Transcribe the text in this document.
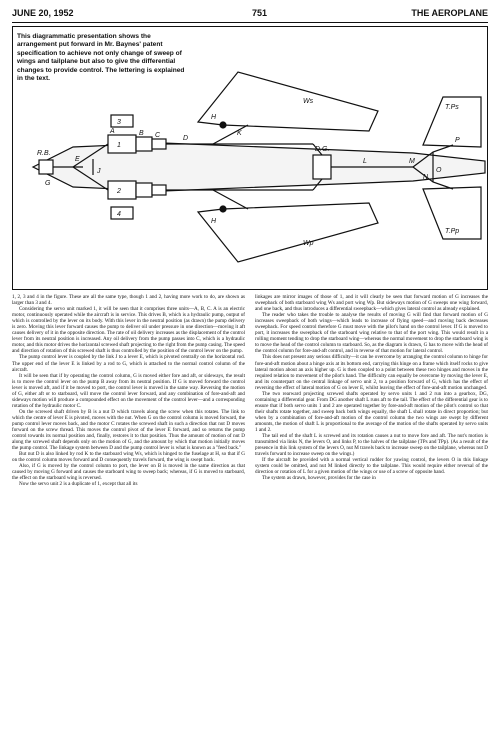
JUNE 20, 1952	751	THE AEROPLANE
Ws
Wp
T.Ps
T.Pp
H
H
K
J
R.B.
E
G
D.G.
L	M
N
O
P
3
1
2
4
A	B C	D
This diagrammatic presentation shows the arrangement put forward in Mr. Baynes' patent specification to achieve not only change of sweep of wings and tailplane but also to give the differential changes to provide control. The lettering is explained in the text.

1, 2, 3 and 4 in the figure. These are all the same type, though 1 and 2, having more work to do, are shown as larger than 3 and 4.

Considering the servo unit marked 1, it will be seen that it comprises three units—A, B, C. A is an electric motor, continuously operated while the aircraft is in service. This drives B, which is a hydraulic pump, output of which is controlled by the lever on its body. With this lever in the neutral position (as drawn) the pump delivery is zero. Moving this lever forward causes the pump to deliver oil under pressure in one direction—moving it aft causes delivery of it in the opposite direction. The rate of oil delivery increases as the displacement of the control lever from its neutral position is increased. Any oil delivery from the pump passes into C, which is a hydraulic motor, and this motor drives the horizontal screwed shaft projecting to the right from the pump casing. The speed and direction of rotation of this screwed shaft is thus controlled by the position of the control lever on the pump.

The pump control lever is coupled by the link J to a lever E, which is pivoted centrally on the horizontal rod. The upper end of the lever E is linked by a rod to G, which is attached to the normal control column of the aircraft.

It will be seen that if by operating the control column, G is moved either fore and aft, or sideways, the result is to move the control lever on the pump B away from its neutral position. If G is moved forward the control lever is moved aft, and if it be moved to port, the control lever is moved in the same way. Reversing the motion of G, either aft or to starboard, will move the control lever forward, and any combination of fore-and-aft and sideways motion will produce a compounded effect on the movement of the control lever—and a corresponding rotation of the hydraulic motor C.

On the screwed shaft driven by B is a nut D which travels along the screw when this rotates. The link to which the centre of lever E is pivoted, moves with the nut. When G on the control column is moved forward, the pump control lever moves back, and the motor C rotates the screwed shaft in such a direction that nut D moves forward on the screw thread. This moves the control pivot of the lever E forward, and so returns the pump control towards its normal position and, finally, restores it to that position. Thus the amount of motion of nut D along the screwed shaft depends only on the motion of G, and the amount by which that motion initially moves the pump control. The linkage system between D and the pump control lever is what is known as a "feed back."

But nut D is also linked by rod K to the starboard wing Ws, which is hinged to the fuselage at H, so that if G on the control column moves forward and D consequently travels forward, the wing is swept back.

Also, if G is moved by the control column to port, the lever on B is moved in the same direction as that caused by moving G forward and causes the starboard wing to sweep back; whereas, if G is moved to starboard, the effect on the starboard wing is reversed.

Now the servo unit 2 is a duplicate of 1, except that all its

linkages are mirror images of those of 1, and it will clearly be seen that forward motion of G increases the sweepback of both starboard wing Ws and port wing Wp. But sideways motion of G sweeps one wing forward, and one back, and thus introduces a differential sweepback—which gives lateral control as already explained.

The reader who takes the trouble to analyse the results of moving G will find that forward motion of G increases sweepback of both wings—which leads to increase of flying speed—and moving back decreases sweepback. For speed control therefore G must move with the pilot's hand on the control lever. If G is moved to port, it increases the sweepback of the starboard wing relative to that of the port wing. This would result in a rolling moment tending to drop the starboard wing—whereas the normal movement to drop the starboard wing is to move the head of the control column to starboard. So, as the diagram is drawn, G has to move with the head of the control column for fore-and-aft control, and in reverse of that motion for lateral control.

This does not present any serious difficulty—it can be overcome by arranging the control column to hinge for fore-and-aft motion about a hinge axis at its bottom end, carrying this hinge on a frame which itself rocks to give lateral motion about an axis higher up. G is then coupled to a point between these two hinges and moves in the required relation to movement of the pilot's hand. The difficulty can equally be overcome by moving the lever E, and its counterpart on the central linkage of servo unit 2, to a position forward of G, which has the effect of reversing the effect of lateral motion of G on lever E, whilst leaving the effect of fore-and-aft motion unchanged.

The two rearward projecting screwed shafts operated by servo units 1 and 2 run into a gearbox, DG, containing a differential gear. From DG another shaft L runs aft to the tail. The effect of the differential gear is to ensure that if both servo units 1 and 2 are operated together by fore-and-aft motion of the pilot's control so that their shafts rotate together, and sweep back both wings equally, the shaft L shall rotate in direct proportion; but when by a combination of fore-and-aft motion of the control column the two wings are swept by different amounts, the motion of shaft L is proportional to the average of the motion of the shafts operated by servo units 1 and 2.

The tail end of the shaft L is screwed and its rotation causes a nut to move fore and aft. The nut's motion is transmitted via links N, the levers O, and links P, to the halves of the tailplane (TPs and TPp). (As a result of the presence in this link system of the levers O, nut M travels back to increase sweep on the tailplane, whereas nut D travels forward to increase sweep on the wings.)

If the aircraft be provided with a normal vertical rudder for yawing control, the levers O in this linkage system could be omitted, and nut M linked directly to the tailplane. This would require either reversal of the direction or rotation of L for a given motion of the wings or use of a screw of opposite hand.

The system as drawn, however, provides for the case in
